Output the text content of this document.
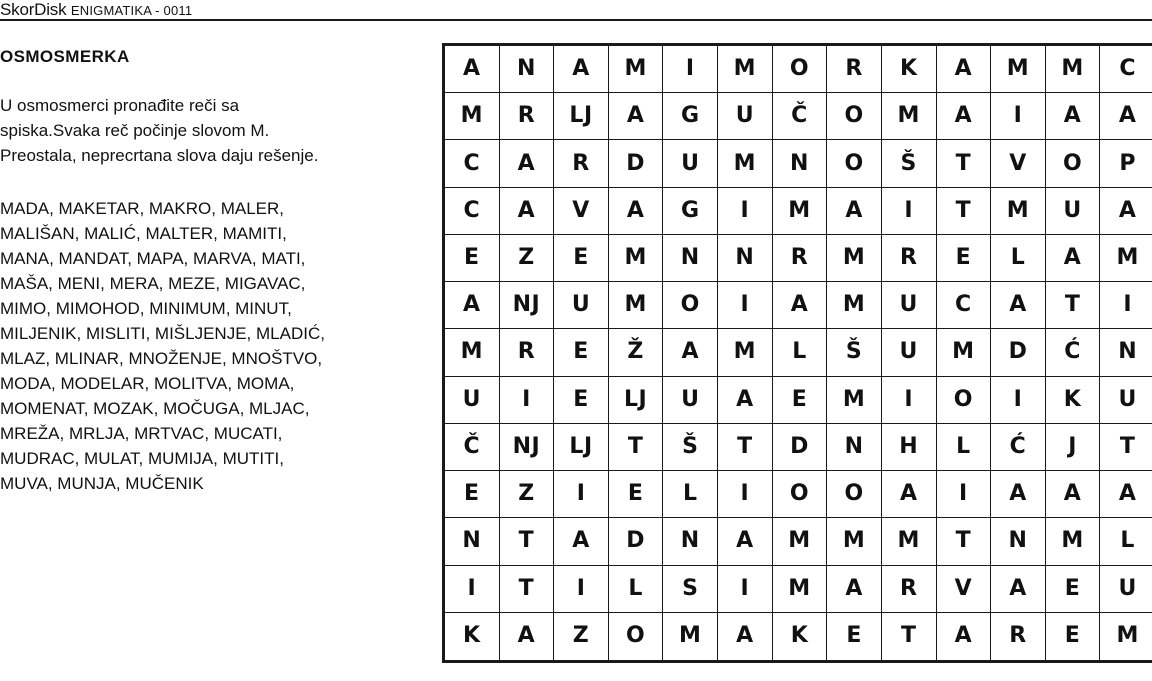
SkorDisk ENIGMATIKA - 0011
OSMOSMERKA

U osmosmerci pronađite reči sa
spiska.Svaka reč počinje slovom M.
Preostala, neprecrtana slova daju rešenje.

MADA, MAKETAR, MAKRO, MALER,
MALIŠAN, MALIĆ, MALTER, MAMITI,
MANA, MANDAT, MAPA, MARVA, MATI,
MAŠA, MENI, MERA, MEZE, MIGAVAC,
MIMO, MIMOHOD, MINIMUM, MINUT,
MILJENIK, MISLITI, MIŠLJENJE, MLADIĆ,
MLAZ, MLINAR, MNOŽENJE, MNOŠTVO,
MODA, MODELAR, MOLITVA, MOMA,
MOMENAT, MOZAK, MOČUGA, MLJAC,
MREŽA, MRLJA, MRTVAC, MUCATI,
MUDRAC, MULAT, MUMIJA, MUTITI,
MUVA, MUNJA, MUČENIK

A	N	A	M	I	M	O	R	K	A	M	M	C
M	R	LJ	A	G	U	Č	O	M	A	I	A	A
C	A	R	D	U	M	N	O	Š	T	V	O	P
C	A	V	A	G	I	M	A	I	T	M	U	A
E	Z	E	M	N	N	R	M	R	E	L	A	M
A	NJ	U	M	O	I	A	M	U	C	A	T	I
M	R	E	Ž	A	M	L	Š	U	M	D	Ć	N
U	I	E	LJ	U	A	E	M	I	O	I	K	U
Č	NJ	LJ	T	Š	T	D	N	H	L	Ć	J	T
E	Z	I	E	L	I	O	O	A	I	A	A	A
N	T	A	D	N	A	M	M	M	T	N	M	L
I	T	I	L	S	I	M	A	R	V	A	E	U
K	A	Z	O	M	A	K	E	T	A	R	E	M
